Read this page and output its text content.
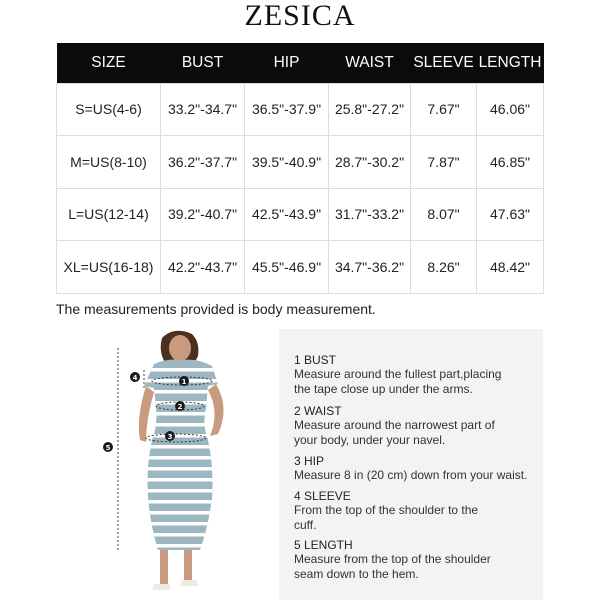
ZESICA
SIZE	BUST	HIP	WAIST	SLEEVE	LENGTH
S=US(4-6)	33.2"-34.7"	36.5"-37.9"	25.8"-27.2"	7.67"	46.06"
M=US(8-10)	36.2"-37.7"	39.5"-40.9"	28.7"-30.2"	7.87"	46.85"
L=US(12-14)	39.2"-40.7"	42.5"-43.9"	31.7"-33.2"	8.07"	47.63"
XL=US(16-18)	42.2"-43.7"	45.5"-46.9"	34.7"-36.2"	8.26"	48.42"
The measurements provided is body measurement.
1
2
3
4
5
1 BUST
Measure around the fullest part,placing
the tape close up under the arms.
2 WAIST
Measure around the narrowest part of
your body, under your navel.
3 HIP
Measure 8 in (20 cm) down from your waist.
4 SLEEVE
From the top of the shoulder to the
cuff.
5 LENGTH
Measure from the top of the shoulder
seam down to the hem.
